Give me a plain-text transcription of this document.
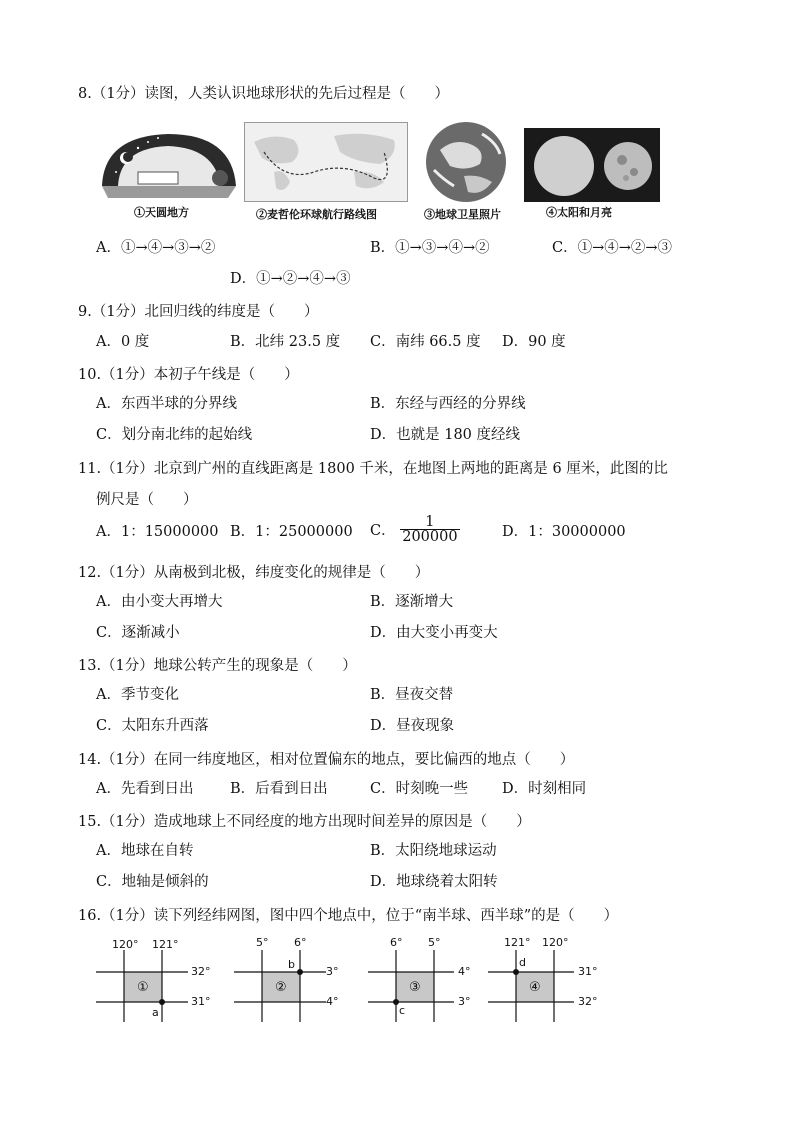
8.（1分）读图，人类认识地球形状的先后过程是（　　）
①天圆地方	②麦哲伦环球航行路线图	③地球卫星照片	④太阳和月亮
A．①→④→③→②	B．①→③→④→②	C．①→④→②→③
D．①→②→④→③
9.（1分）北回归线的纬度是（　　）
A．0 度	B．北纬 23.5 度 C．南纬 66.5 度 D．90 度
10.（1分）本初子午线是（　　）
A．东西半球的分界线	B．东经与西经的分界线
C．划分南北纬的起始线	D．也就是 180 度经线
11.（1分）北京到广州的直线距离是 1800 千米，在地图上两地的距离是 6 厘米，此图的比
例尺是（　　）
A．1：15000000 B．1：25000000 C． $\frac{1}{200000}$	D．1：30000000
12.（1分）从南极到北极，纬度变化的规律是（　　）
A．由小变大再增大	B．逐渐增大
C．逐渐减小	D．由大变小再变大
13.（1分）地球公转产生的现象是（　　）
A．季节变化	B．昼夜交替
C．太阳东升西落	D．昼夜现象
14.（1分）在同一纬度地区，相对位置偏东的地点，要比偏西的地点（　　）
A．先看到日出	B．后看到日出	C．时刻晚一些 D．时刻相同
15.（1分）造成地球上不同经度的地方出现时间差异的原因是（　　）
A．地球在自转	B．太阳绕地球运动
C．地轴是倾斜的	D．地球绕着太阳转
16.（1分）读下列经纬网图，图中四个地点中，位于“南半球、西半球”的是（　　）
120° 121°
32°
31°
①
a
5° 6°
3°
4°
②
b
6° 5°
4°
3°
③
c
121° 120°
31°
32°
④
d
